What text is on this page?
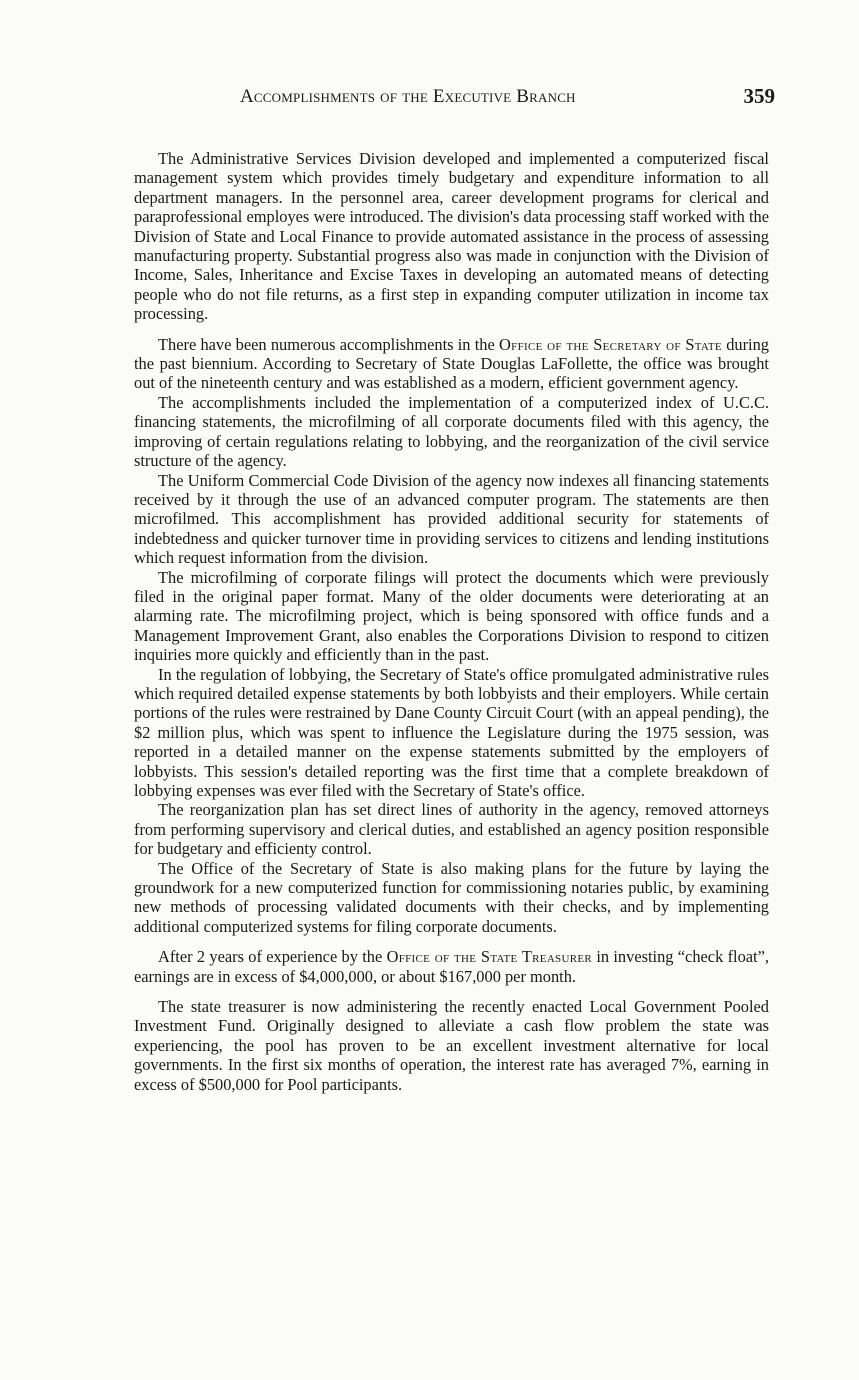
Accomplishments of the Executive Branch	359

The Administrative Services Division developed and implemented a computerized fiscal management system which provides timely budgetary and expenditure information to all department managers. In the personnel area, career development programs for clerical and paraprofessional employes were introduced. The division's data processing staff worked with the Division of State and Local Finance to provide automated assistance in the process of assessing manufacturing property. Substantial progress also was made in conjunction with the Division of Income, Sales, Inheritance and Excise Taxes in developing an automated means of detecting people who do not file returns, as a first step in expanding computer utilization in income tax processing.

There have been numerous accomplishments in the Office of the Secretary of State during the past biennium. According to Secretary of State Douglas LaFollette, the office was brought out of the nineteenth century and was established as a modern, efficient government agency.

The accomplishments included the implementation of a computerized index of U.C.C. financing statements, the microfilming of all corporate documents filed with this agency, the improving of certain regulations relating to lobbying, and the reorganization of the civil service structure of the agency.

The Uniform Commercial Code Division of the agency now indexes all financing statements received by it through the use of an advanced computer program. The statements are then microfilmed. This accomplishment has provided additional security for statements of indebtedness and quicker turnover time in providing services to citizens and lending institutions which request information from the division.

The microfilming of corporate filings will protect the documents which were previously filed in the original paper format. Many of the older documents were deteriorating at an alarming rate. The microfilming project, which is being sponsored with office funds and a Management Improvement Grant, also enables the Corporations Division to respond to citizen inquiries more quickly and efficiently than in the past.

In the regulation of lobbying, the Secretary of State's office promulgated administrative rules which required detailed expense statements by both lobbyists and their employers. While certain portions of the rules were restrained by Dane County Circuit Court (with an appeal pending), the $2 million plus, which was spent to influence the Legislature during the 1975 session, was reported in a detailed manner on the expense statements submitted by the employers of lobbyists. This session's detailed reporting was the first time that a complete breakdown of lobbying expenses was ever filed with the Secretary of State's office.

The reorganization plan has set direct lines of authority in the agency, removed attorneys from performing supervisory and clerical duties, and established an agency position responsible for budgetary and efficienty control.

The Office of the Secretary of State is also making plans for the future by laying the groundwork for a new computerized function for commissioning notaries public, by examining new methods of processing validated documents with their checks, and by implementing additional computerized systems for filing corporate documents.

After 2 years of experience by the Office of the State Treasurer in investing “check float”, earnings are in excess of $4,000,000, or about $167,000 per month.

The state treasurer is now administering the recently enacted Local Government Pooled Investment Fund. Originally designed to alleviate a cash flow problem the state was experiencing, the pool has proven to be an excellent investment alternative for local governments. In the first six months of operation, the interest rate has averaged 7%, earning in excess of $500,000 for Pool participants.
